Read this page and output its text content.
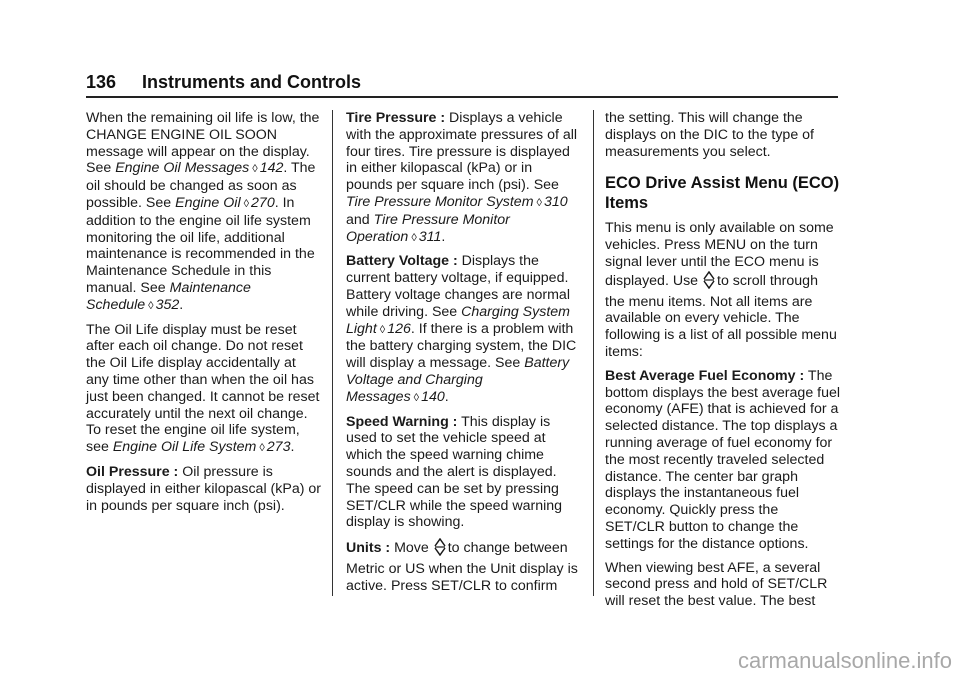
136 Instruments and Controls

When the remaining oil life is low, the CHANGE ENGINE OIL SOON message will appear on the display. See Engine Oil Messages ◊ 142. The oil should be changed as soon as possible. See Engine Oil ◊ 270. In addition to the engine oil life system monitoring the oil life, additional maintenance is recommended in the Maintenance Schedule in this manual. See Maintenance Schedule ◊ 352.

The Oil Life display must be reset after each oil change. Do not reset the Oil Life display accidentally at any time other than when the oil has just been changed. It cannot be reset accurately until the next oil change. To reset the engine oil life system, see Engine Oil Life System ◊ 273.

Oil Pressure : Oil pressure is displayed in either kilopascal (kPa) or in pounds per square inch (psi).

Tire Pressure : Displays a vehicle with the approximate pressures of all four tires. Tire pressure is displayed in either kilopascal (kPa) or in pounds per square inch (psi). See Tire Pressure Monitor System ◊ 310 and Tire Pressure Monitor Operation ◊ 311.

Battery Voltage : Displays the current battery voltage, if equipped. Battery voltage changes are normal while driving. See Charging System Light ◊ 126. If there is a problem with the battery charging system, the DIC will display a message. See Battery Voltage and Charging Messages ◊ 140.

Speed Warning : This display is used to set the vehicle speed at which the speed warning chime sounds and the alert is displayed. The speed can be set by pressing SET/CLR while the speed warning display is showing.

Units : Move to change between Metric or US when the Unit display is active. Press SET/CLR to confirm

the setting. This will change the displays on the DIC to the type of measurements you select.

ECO Drive Assist Menu (ECO) Items

This menu is only available on some vehicles. Press MENU on the turn signal lever until the ECO menu is displayed. Use to scroll through the menu items. Not all items are available on every vehicle. The following is a list of all possible menu items:

Best Average Fuel Economy : The bottom displays the best average fuel economy (AFE) that is achieved for a selected distance. The top displays a running average of fuel economy for the most recently traveled selected distance. The center bar graph displays the instantaneous fuel economy. Quickly press the SET/CLR button to change the settings for the distance options.

When viewing best AFE, a several second press and hold of SET/CLR will reset the best value. The best

carmanualsonline.info
